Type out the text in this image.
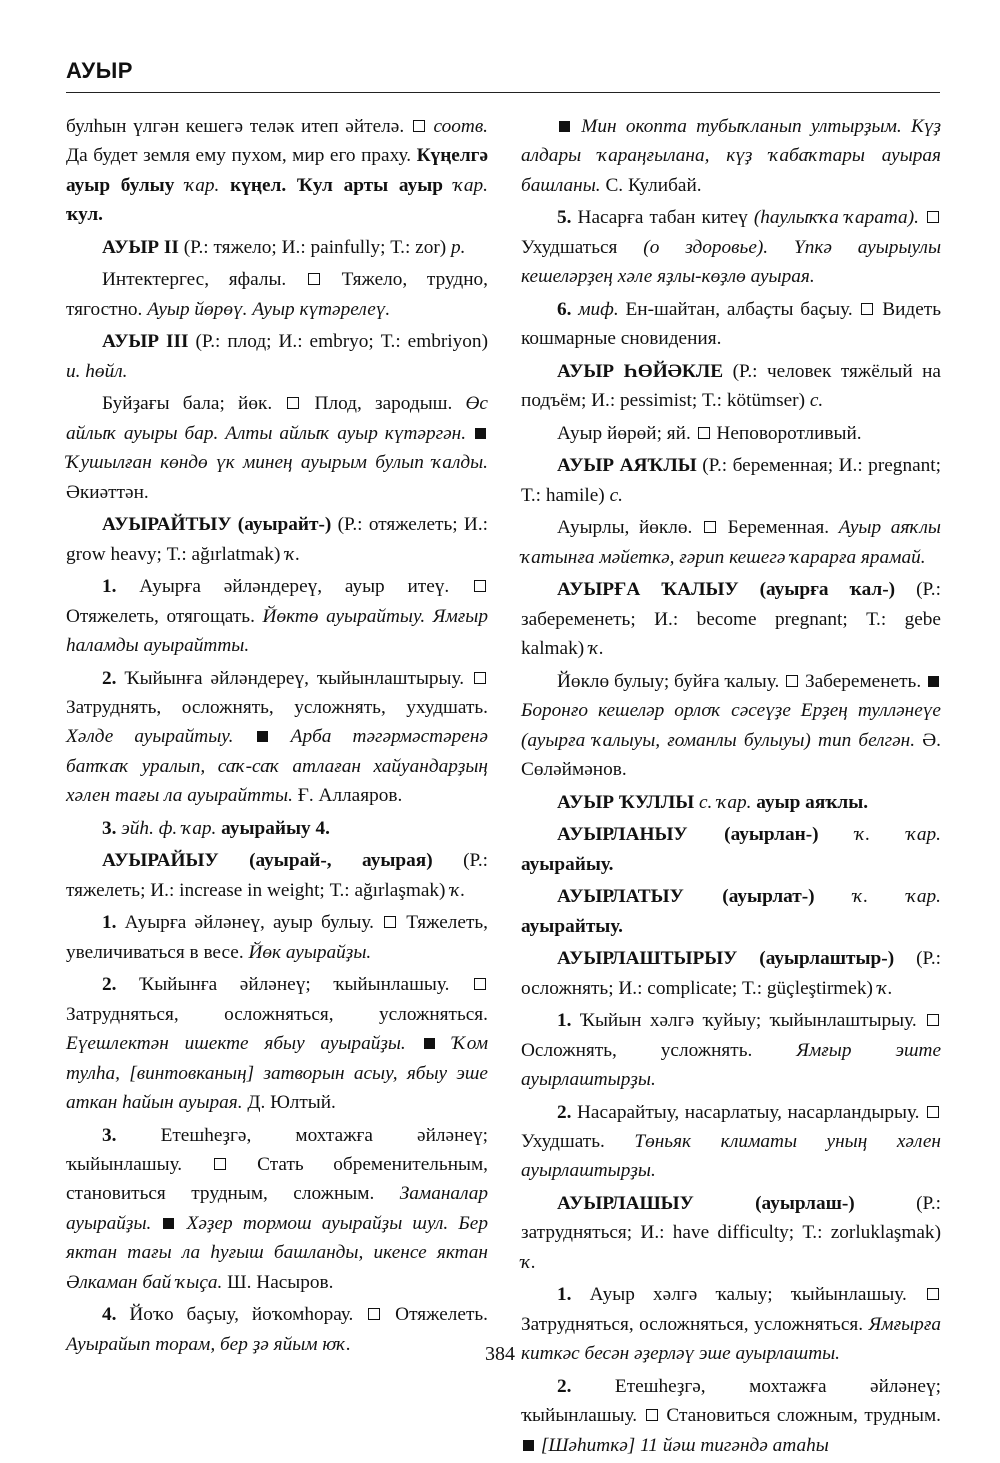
АУЫР

булһын үлгән кешегә теләк итеп әйтелә.  соотв. Да будет земля ему пухом, мир его праху. Күңелгә ауыр булыу ҡар. күңел. Ҡул арты ауыр ҡар. ҡул.

АУЫР II (Р.: тяжело; И.: painfully; Т.: zor) р.

Интектергес, яфалы.  Тяжело, трудно, тягостно. Ауыр йөрөү. Ауыр күтәрелеү.

АУЫР III (Р.: плод; И.: embryo; Т.: embriyon) и. һөйл.

Буйҙағы бала; йөк.  Плод, зародыш. Өс айлыҡ ауыры бар. Алты айлыҡ ауыр күтәргән.  Ҡушылған көндө үк минең ауырым булып ҡалды. Әкиәттән.

АУЫРАЙТЫУ (ауырайт-) (Р.: отяжелеть; И.: grow heavy; Т.: ağırlatmak) ҡ.

1. Ауырға әйләндереү, ауыр итеү.  Отяжелеть, отягощать. Йөктө ауырайтыу. Ямғыр һаламды ауырайтты.

2. Ҡыйынға әйләндереү, ҡыйынлаштырыу.  Затруднять, осложнять, усложнять, ухудшать. Хәлде ауырайтыу.  Арба тәгәрмәстәренә батҡаҡ уралып, саҡ-саҡ атлаған хайуандарҙың хәлен тағы ла ауырайтты. Ғ. Аллаяров.

3. эйһ. ф. ҡар. ауырайыу 4.

АУЫРАЙЫУ (ауырай-, ауырая) (Р.: тяжелеть; И.: increase in weight; Т.: ağırlaşmak) ҡ.

1. Ауырға әйләнеү, ауыр булыу.  Тяжелеть, увеличиваться в весе. Йөк ауырайҙы.

2. Ҡыйынға әйләнеү; ҡыйынлашыу.  Затрудняться, осложняться, усложняться. Еүешлектән ишекте ябыу ауырайҙы.  Ҡом тулһа, [винтовканың] затворын асыу, ябыу эше аткан һайын ауырая. Д. Юлтый.

3. Етешһеҙгә, мохтажға әйләнеү; ҡыйынлашыу.  Стать обременительным, становиться трудным, сложным. Заманалар ауырайҙы.  Хәҙер тормош ауырайҙы шул. Бер яктан тағы ла һуғыш башланды, икенсе яктан Әлкаман бай ҡыҫа. Ш. Насыров.

4. Йоҡо баҫыу, йоҡомһорау.  Отяжелеть. Ауырайып торам, бер ҙә яйым юҡ.

Мин окопта тубыҡланып ултырҙым. Күҙ алдары ҡараңғылана, күҙ ҡабаҡтары ауырая башланы. С. Кулибай.

5. Насарға табан китеү (һаулыҡҡа ҡарата).  Ухудшаться (о здоровье). Үпкә ауырыулы кешеләрҙең хәле яҙлы-көҙлө ауырая.

6. миф. Ен-шайтан, албаҫты баҫыу.  Видеть кошмарные сновидения.

АУЫР ҺӨЙӘКЛЕ (Р.: человек тяжёлый на подъём; И.: pessimist; Т.: kötümser) с.

Ауыр йөрөй; яй.  Неповоротливый.

АУЫР АЯҠЛЫ (Р.: беременная; И.: pregnant; Т.: hamile) с.

Ауырлы, йөклө.  Беременная. Ауыр аяҡлы ҡатынға мәйеткә, ғәрип кешегә ҡарарға ярамай.

АУЫРҒА ҠАЛЫУ (ауырға ҡал-) (Р.: забеременеть; И.: become pregnant; Т.: gebe kalmak) ҡ.

Йөклө булыу; буйға ҡалыу.  Забеременеть.  Боронғо кешеләр орлоҡ сәсеүҙе Ерҙең тулләнеүе (ауырға ҡалыуы, ғоманлы булыуы) тип белгән. Ә. Сөләймәнов.

АУЫР ҠУЛЛЫ с. ҡар. ауыр аяҡлы.

АУЫРЛАНЫУ (ауырлан-) ҡ. ҡар. ауырайыу.

АУЫРЛАТЫУ (ауырлат-) ҡ. ҡар. ауырайтыу.

АУЫРЛАШТЫРЫУ (ауырлаштыр-) (Р.: осложнять; И.: complicate; Т.: güçleştirmek) ҡ.

1. Ҡыйын хәлгә ҡуйыу; ҡыйынлаштырыу.  Осложнять, усложнять. Ямғыр эште ауырлаштырҙы.

2. Насарайтыу, насарлатыу, насарландырыу.  Ухудшать. Төньяк климаты уның хәлен ауырлаштырҙы.

АУЫРЛАШЫУ (ауырлаш-) (Р.: затрудняться; И.: have difficulty; Т.: zorluklaşmak) ҡ.

1. Ауыр хәлгә ҡалыу; ҡыйынлашыу.  Затрудняться, осложняться, усложняться. Ямғырға киткәс бесән әҙерләү эше ауырлашты.

2. Етешһеҙгә, мохтажға әйләнеү; ҡыйынлашыу.  Становиться сложным, трудным.  [Шәһиткә] 11 йәш тигәндә атаһы

384
